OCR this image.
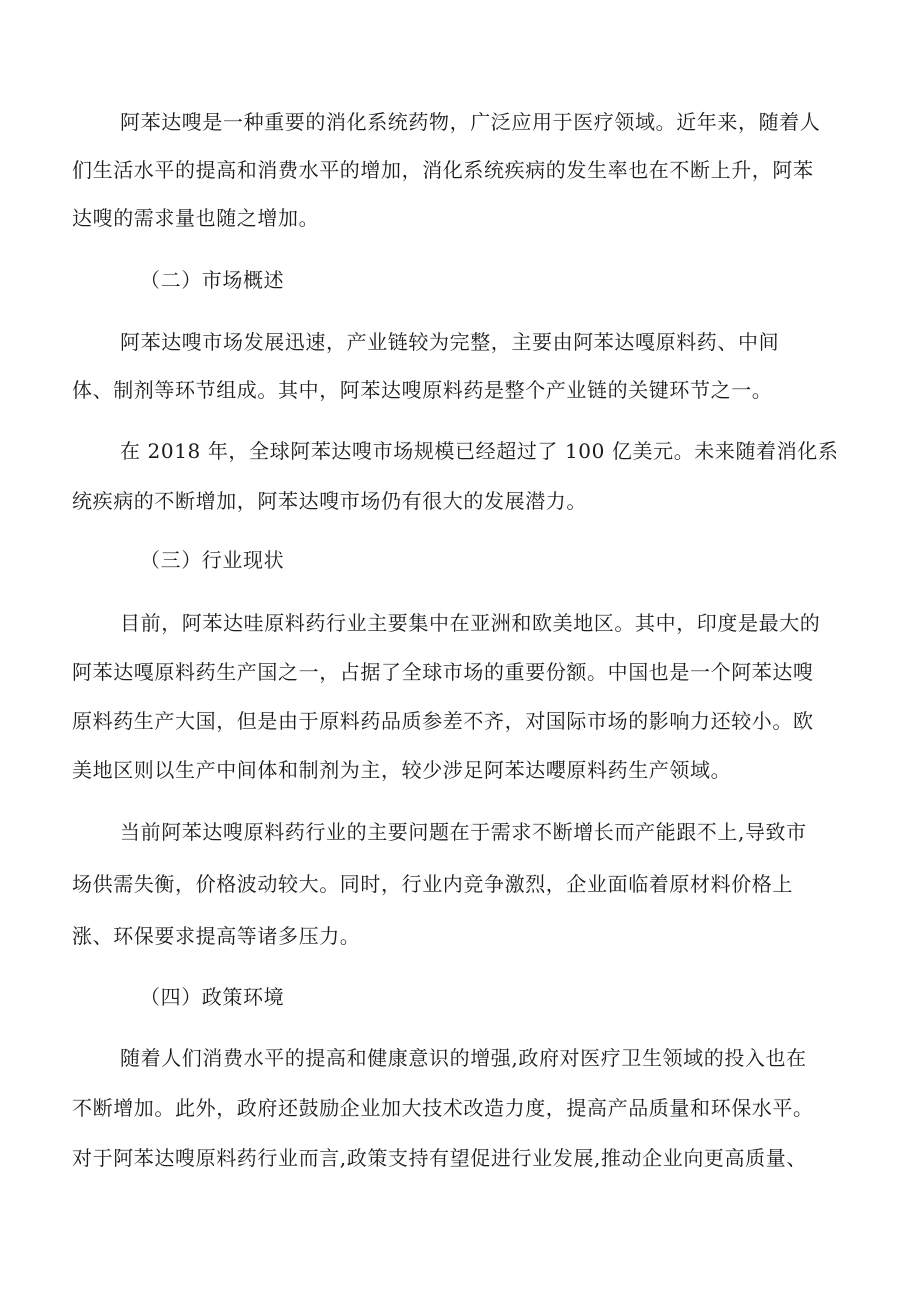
阿苯达嗖是一种重要的消化系统药物，广泛应用于医疗领域。近年来，随着人
们生活水平的提高和消费水平的增加，消化系统疾病的发生率也在不断上升，阿苯
达嗖的需求量也随之增加。
（二）市场概述
阿苯达嗖市场发展迅速，产业链较为完整，主要由阿苯达嘎原料药、中间
体、制剂等环节组成。其中，阿苯达嗖原料药是整个产业链的关键环节之一。
在 2018 年，全球阿苯达嗖市场规模已经超过了 100 亿美元。未来随着消化系
统疾病的不断增加，阿苯达嗖市场仍有很大的发展潜力。
（三）行业现状
目前，阿苯达哇原料药行业主要集中在亚洲和欧美地区。其中，印度是最大的
阿苯达嘎原料药生产国之一，占据了全球市场的重要份额。中国也是一个阿苯达嗖
原料药生产大国，但是由于原料药品质参差不齐，对国际市场的影响力还较小。欧
美地区则以生产中间体和制剂为主，较少涉足阿苯达嚶原料药生产领域。
当前阿苯达嗖原料药行业的主要问题在于需求不断增长而产能跟不上,导致市
场供需失衡，价格波动较大。同时，行业内竞争激烈，企业面临着原材料价格上
涨、环保要求提高等诸多压力。
（四）政策环境
随着人们消费水平的提高和健康意识的增强,政府对医疗卫生领域的投入也在
不断增加。此外，政府还鼓励企业加大技术改造力度，提高产品质量和环保水平。
对于阿苯达嗖原料药行业而言,政策支持有望促进行业发展,推动企业向更高质量、
